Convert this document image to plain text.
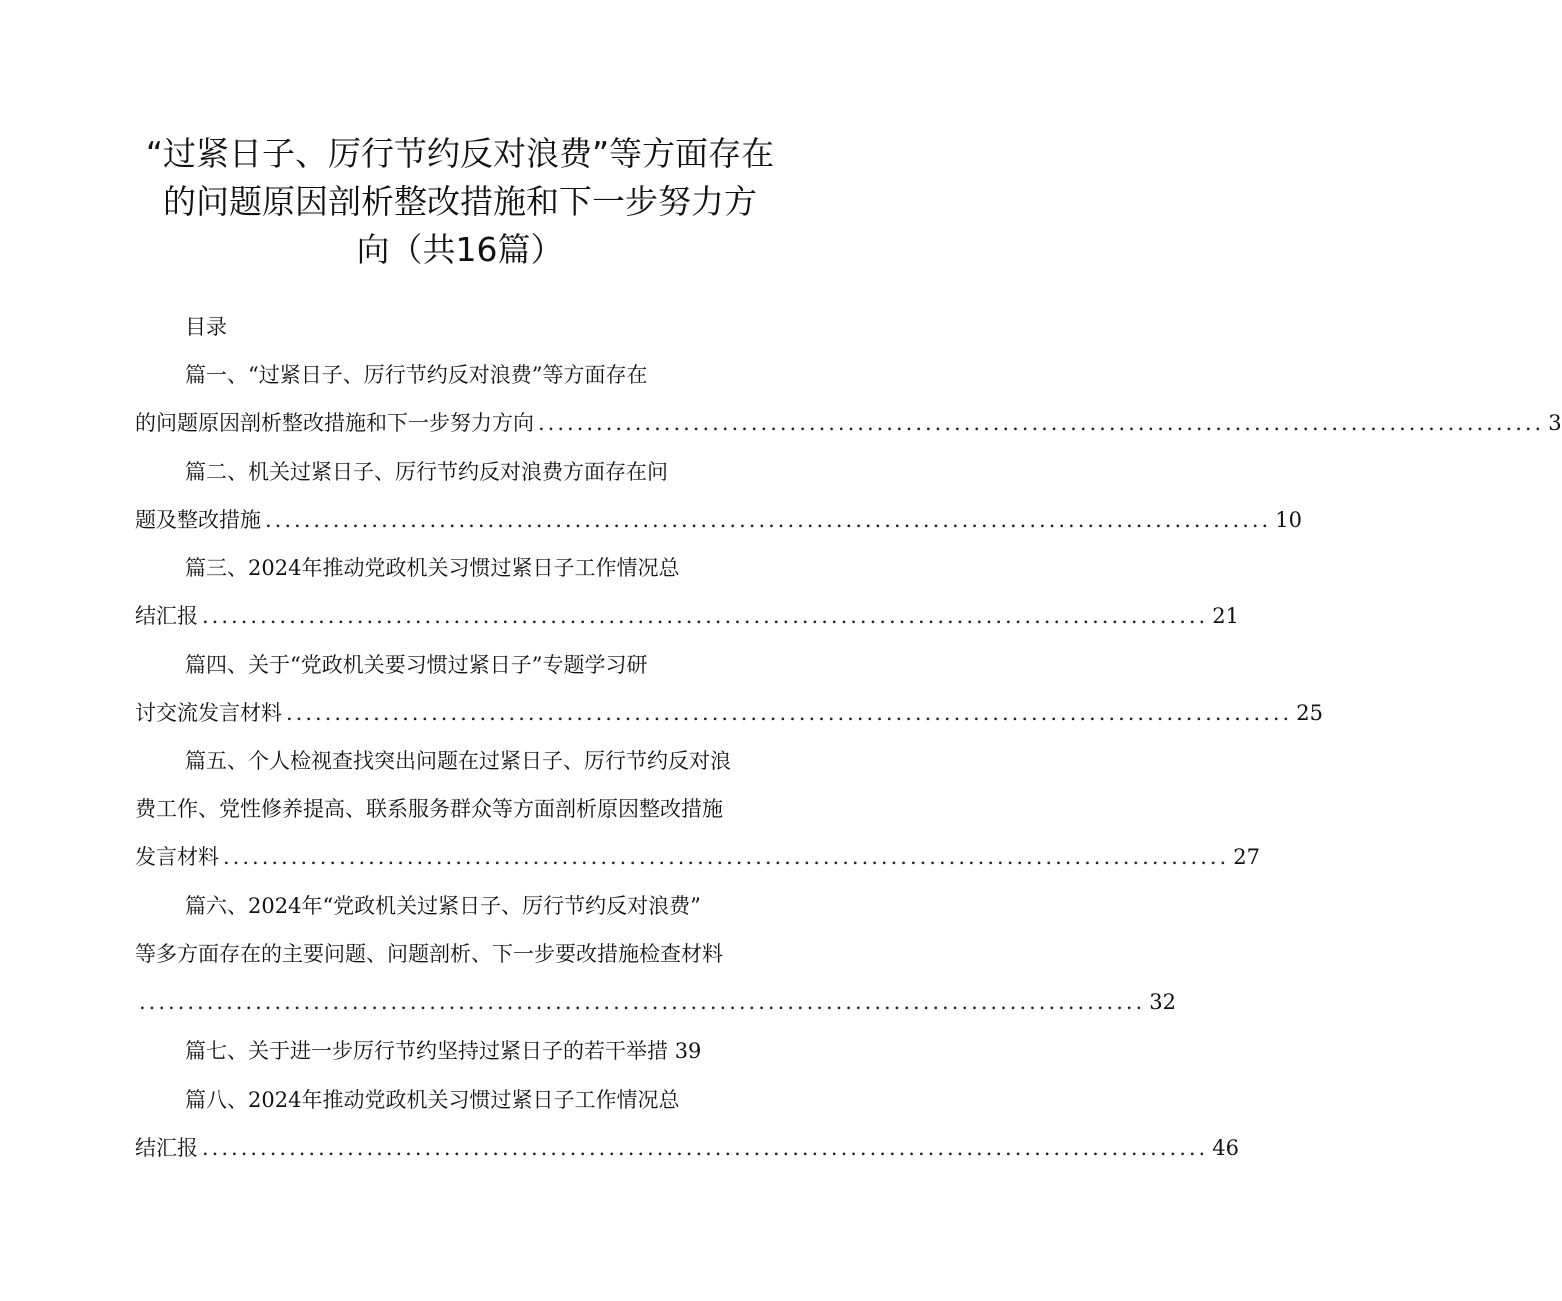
“过紧日子、厉行节约反对浪费”等方面存在
的问题原因剖析整改措施和下一步努力方
向（共16篇）
目录
篇一、“过紧日子、厉行节约反对浪费”等方面存在
的问题原因剖析整改措施和下一步努力方向 ........................................................................................................ 3
篇二、机关过紧日子、厉行节约反对浪费方面存在问
题及整改措施 ........................................................................................................ 10
篇三、2024年推动党政机关习惯过紧日子工作情况总
结汇报 ........................................................................................................ 21
篇四、关于“党政机关要习惯过紧日子”专题学习研
讨交流发言材料 ........................................................................................................ 25
篇五、个人检视查找突出问题在过紧日子、厉行节约反对浪
费工作、党性修养提高、联系服务群众等方面剖析原因整改措施
发言材料 ........................................................................................................ 27
篇六、2024年“党政机关过紧日子、厉行节约反对浪费”
等多方面存在的主要问题、问题剖析、下一步要改措施检查材料
........................................................................................................ 32
篇七、关于进一步厉行节约坚持过紧日子的若干举措 39
篇八、2024年推动党政机关习惯过紧日子工作情况总
结汇报 ........................................................................................................ 46
